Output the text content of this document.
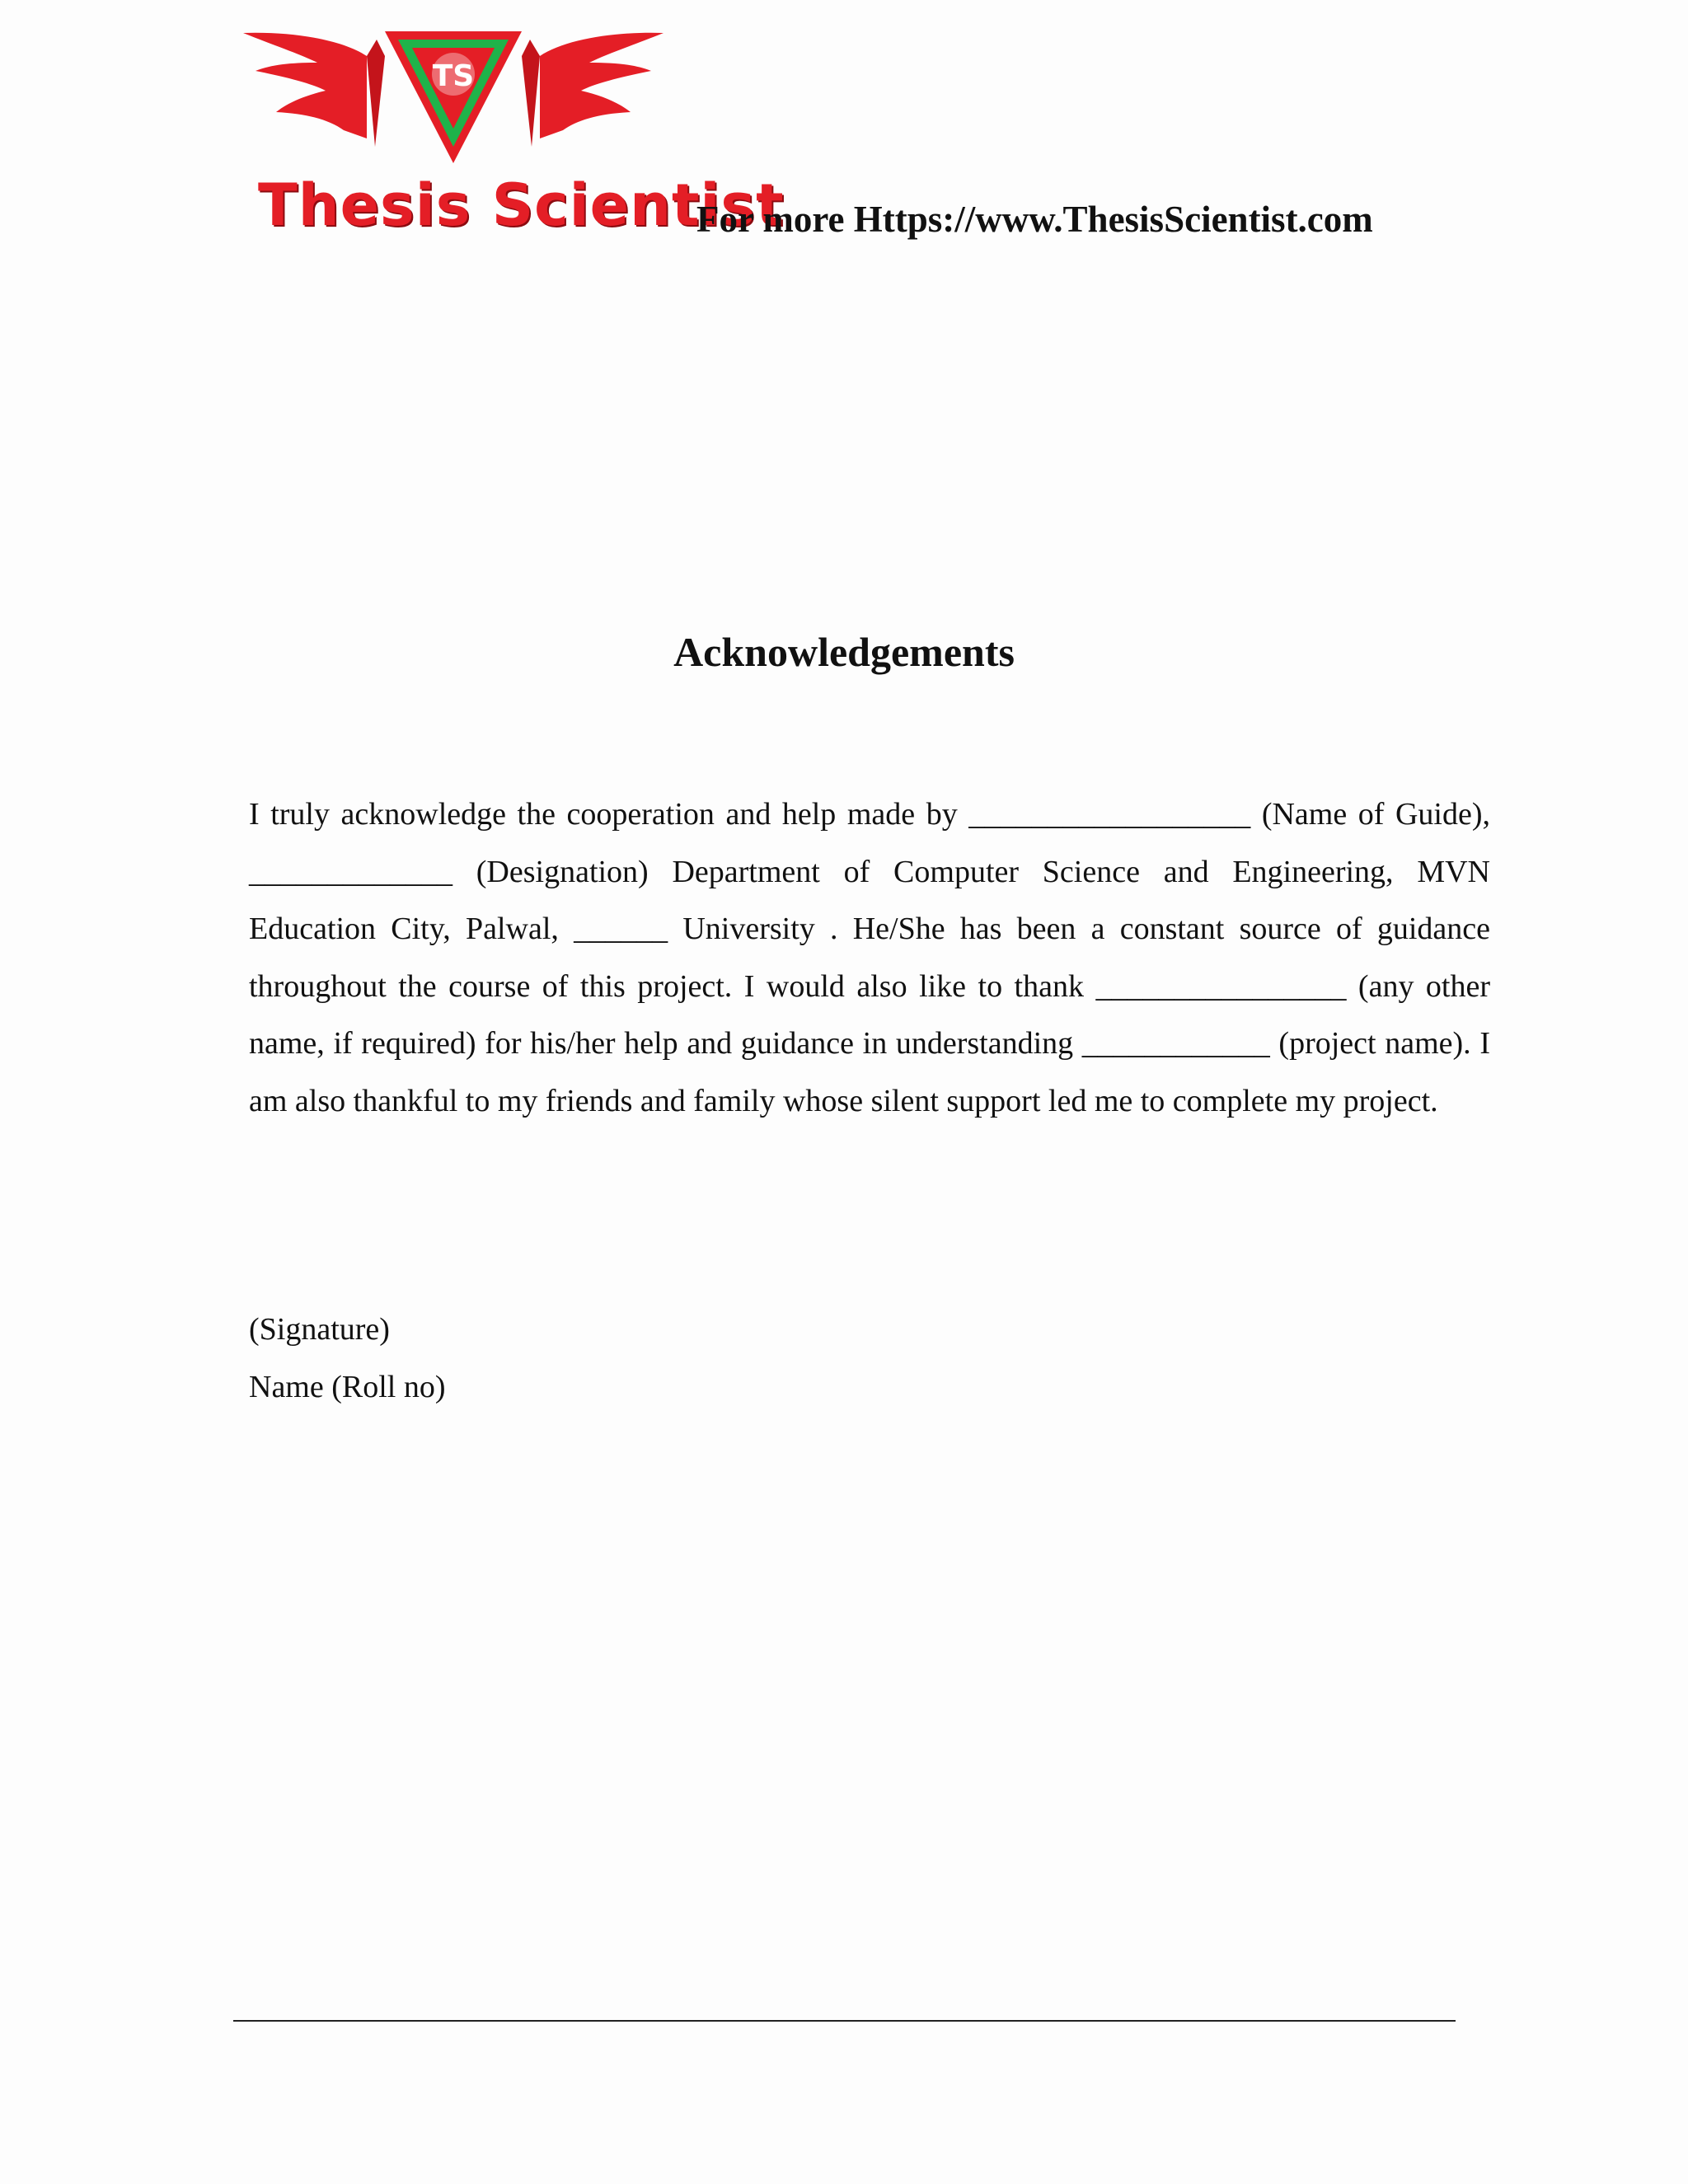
TS
Thesis Scientist
For more Https://www.ThesisScientist.com
Acknowledgements

I truly acknowledge the cooperation and help made by __________________ (Name of Guide), _____________ (Designation) Department of Computer Science and Engineering, MVN Education City, Palwal, ______ University . He/She has been a constant source of guidance throughout the course of this project. I would also like to thank ________________ (any other name, if required) for his/her help and guidance in understanding ____________ (project name). I am also thankful to my friends and family whose silent support led me to complete my project.

(Signature)
Name (Roll no)
